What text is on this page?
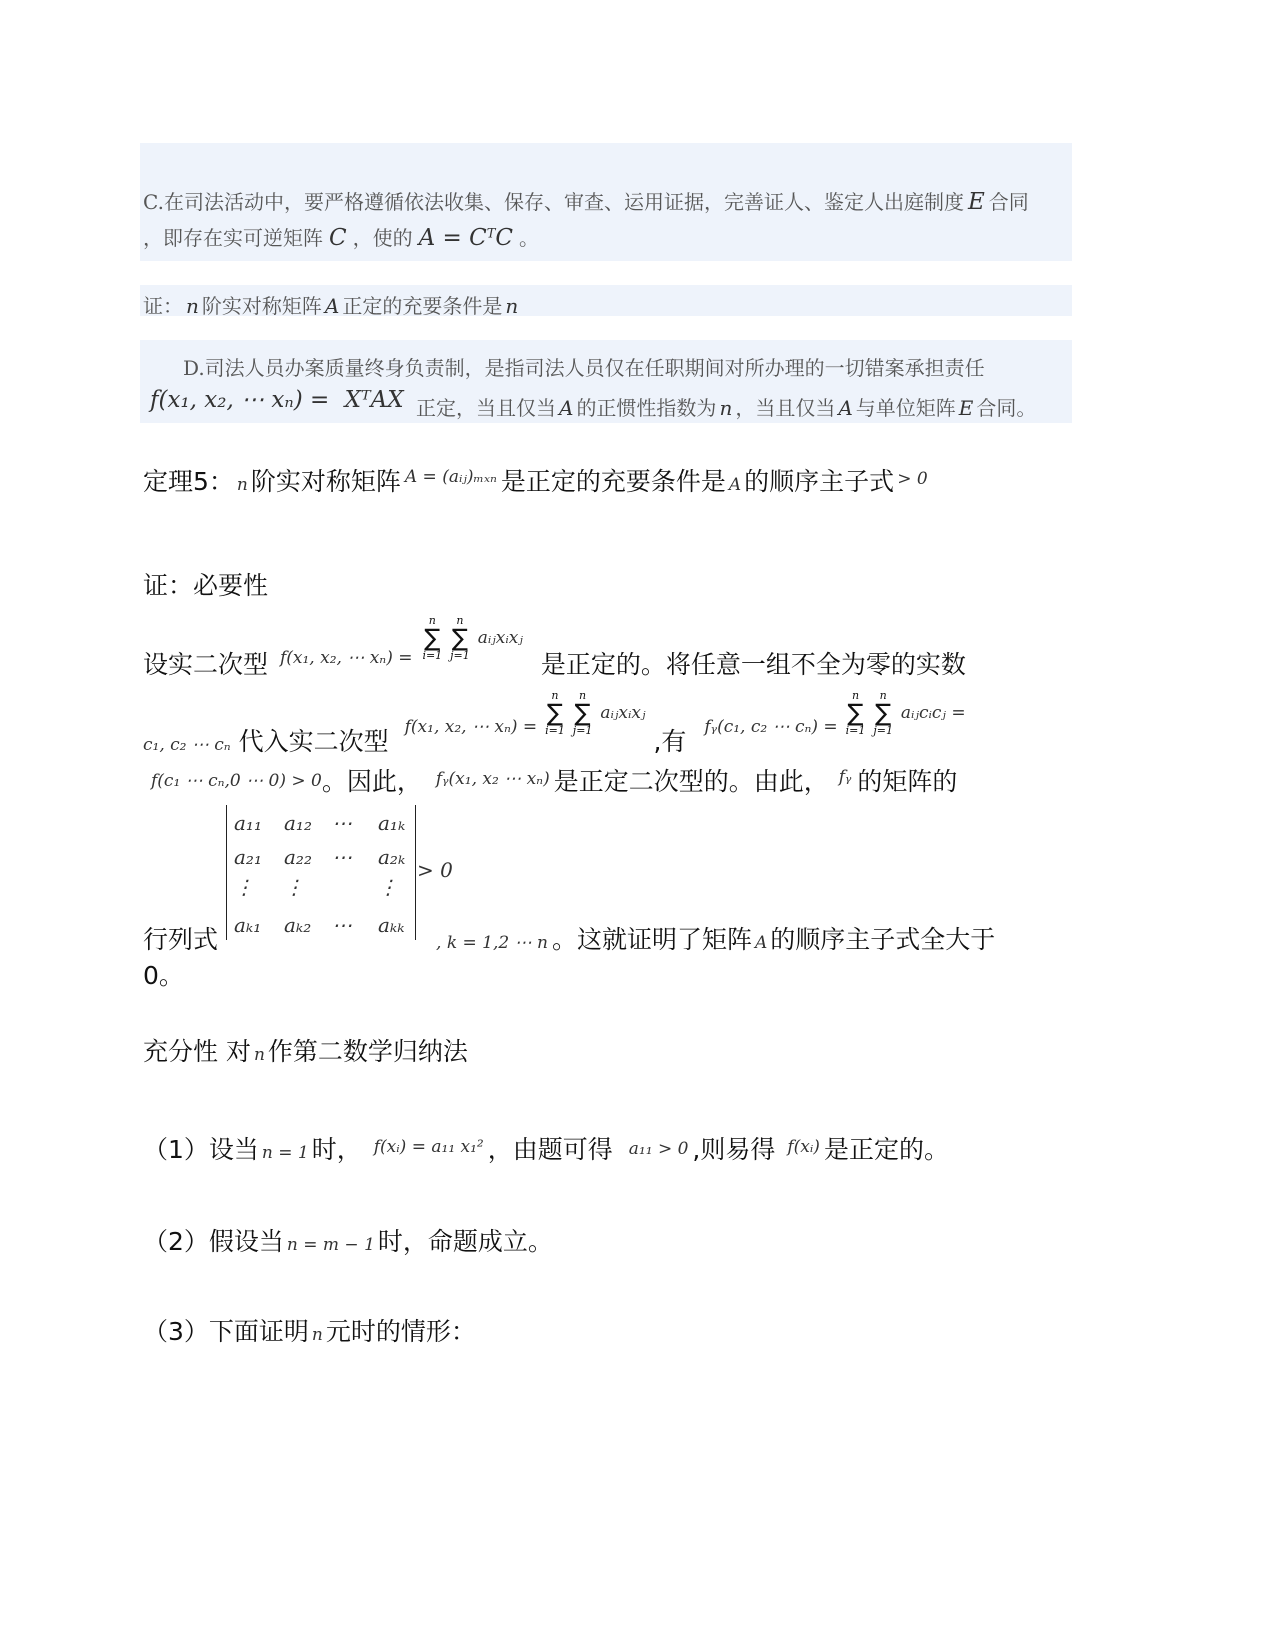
C.在司法活动中，要严格遵循依法收集、保存、审查、运用证据，完善证人、鉴定人出庭制度 E 合同
，即存在实可逆矩阵 C ，使的 $A = C^TC$ 。
证： n 阶实对称矩阵 A 正定的充要条件是 n
D.司法人员办案质量终身负责制，是指司法人员仅在任职期间对所办理的一切错案承担责任
f(x₁, x₂, ⋯ xₙ) = XᵀAX 正定，当且仅当 A 的正惯性指数为 n ，当且仅当 A 与单位矩阵 E 合同。
定理5： n 阶实对称矩阵 $^{A = (aᵢⱼ)_{mxn}}$ 是正定的充要条件是 A 的顺序主子式 $^{> 0}$
证：必要性
设实二次型 $_{f(x_1, x_2, \cdots x_n) =}$
n
∑
i=1

n
∑
j=1
aᵢⱼxᵢxⱼ 是正定的。将任意一组不全为零的实数
$_{c_1, c_2 \cdots c_n}$ 代入实二次型 $_{f(x_1, x_2, \cdots x_n) =}$
n
∑
i=1

n
∑
j=1
aᵢⱼxᵢxⱼ ,有 $_{fᵧ(c_1, c_2 \cdots c_n) =}$
n
∑
i=1

n
∑
j=1
aᵢⱼcᵢcⱼ =
f(c₁ ⋯ cₙ,0 ⋯ 0) > 0。因此， $^{fᵧ(x_1, x_2 \cdots x_n)}$ 是正定二次型的。由此， $^{fᵧ}$ 的矩阵的
a₁₁ a₁₂ ⋯ a₁ₖ
a₂₁ a₂₂ ⋯ a₂ₖ
⋮ ⋮	⋮
aₖ₁ aₖ₂ ⋯ aₖₖ
> 0
行列式	, k = 1,2 ⋯ n 。这就证明了矩阵 A 的顺序主子式全大于
0。
充分性 对 n 作第二数学归纳法
（1）设当 n = 1 时， $^{f(xᵢ) = a_{11} x_1^2}$ ，由题可得 a₁₁ > 0 ,则易得 $^{f(xᵢ)}$ 是正定的。
（2）假设当 n = m − 1 时，命题成立。
（3）下面证明 n 元时的情形：
